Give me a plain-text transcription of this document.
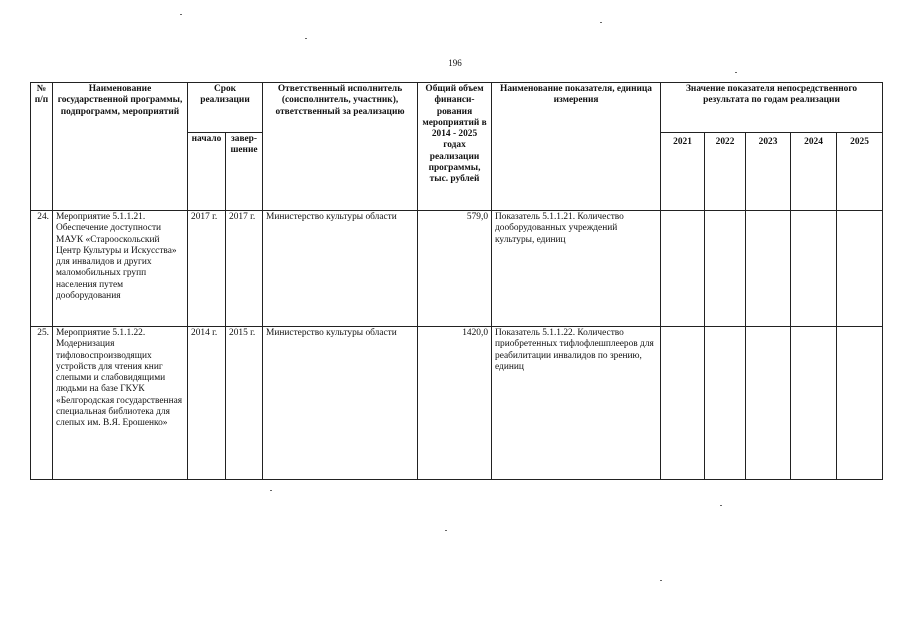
196
№ п/п	Наименование государственной программы, подпрограмм, мероприятий	Срок реализации		Ответственный исполнитель (соисполнитель, участник), ответственный за реализацию	Общий объем финанси- рования мероприятий в 2014 - 2025 годах реализации программы, тыс. рублей	Наименование показателя, единица измерения	Значение показателя непосредственного результата по годам реализации				
		начало	завер- шение				2021	2022	2023	2024	2025
24.	Мероприятие 5.1.1.21. Обеспечение доступности МАУК «Старооскольский Центр Культуры и Искусства» для инвалидов и других маломобильных групп населения путем дооборудования	2017 г.	2017 г.	Министерство культуры области	579,0	Показатель 5.1.1.21. Количество дооборудованных учреждений культуры, единиц					
25.	Мероприятие 5.1.1.22. Модернизация тифловоспроизводящих устройств для чтения книг слепыми и слабовидящими людьми на базе ГКУК «Белгородская государственная специальная библиотека для слепых им. В.Я. Ерошенко»	2014 г.	2015 г.	Министерство культуры области	1420,0	Показатель 5.1.1.22. Количество приобретенных тифлофлешплееров для реабилитации инвалидов по зрению, единиц					
